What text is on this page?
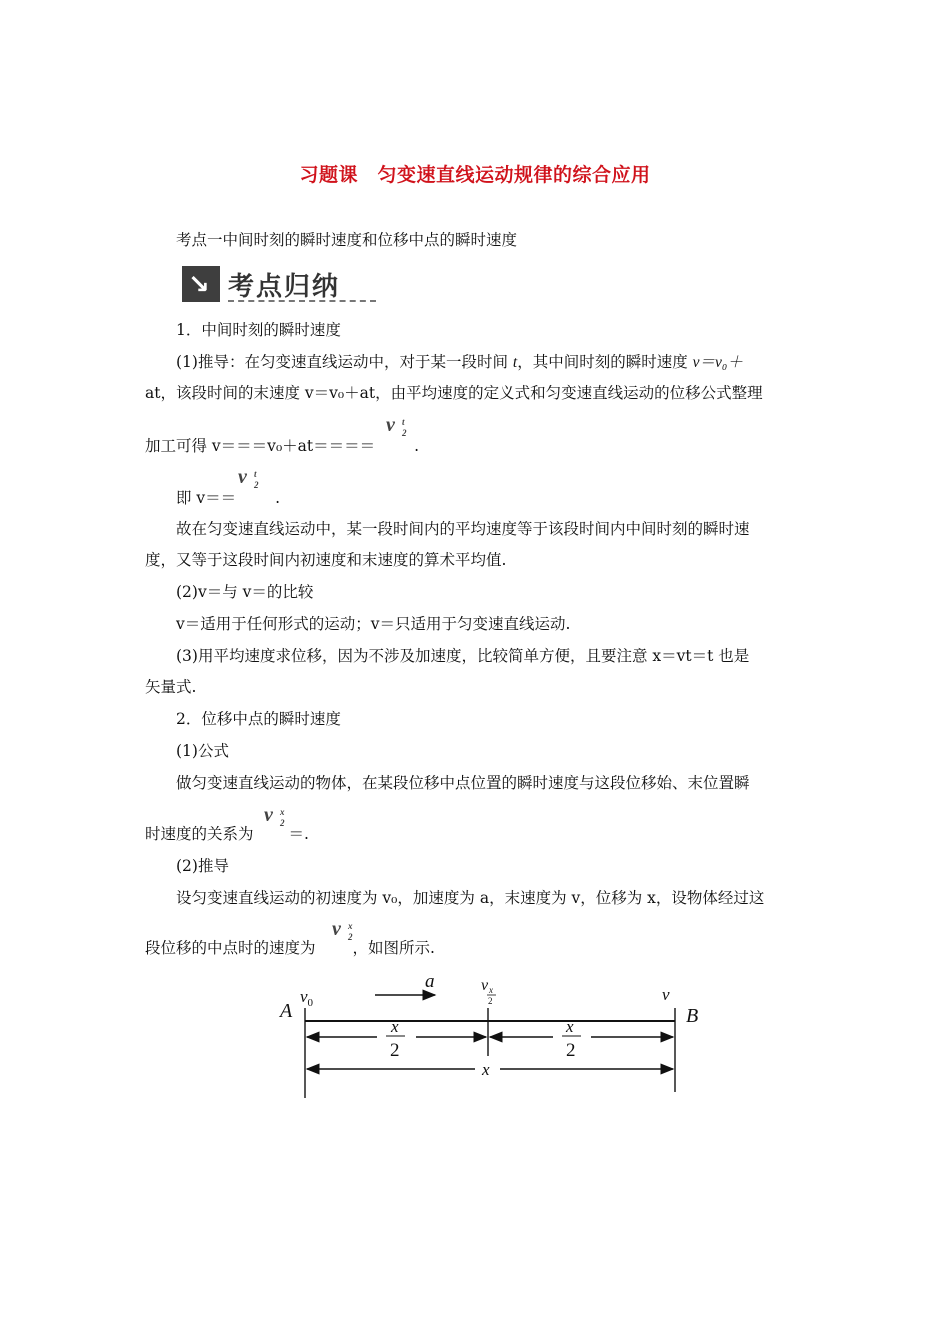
习题课　匀变速直线运动规律的综合应用
考点一中间时刻的瞬时速度和位移中点的瞬时速度
↘ 考点归纳
1．中间时刻的瞬时速度
(1)推导：在匀变速直线运动中，对于某一段时间 t，其中间时刻的瞬时速度 v＝v₀＋
at，该段时间的末速度 v＝v₀＋at，由平均速度的定义式和匀变速直线运动的位移公式整理
加工可得 v＝＝＝v₀＋at＝＝＝＝	.
v t
2
即 v＝＝	.
v t
2
故在匀变速直线运动中，某一段时间内的平均速度等于该段时间内中间时刻的瞬时速
度，又等于这段时间内初速度和末速度的算术平均值.
(2)v＝与 v＝的比较
v＝适用于任何形式的运动；v＝只适用于匀变速直线运动.
(3)用平均速度求位移，因为不涉及加速度，比较简单方便，且要注意 x＝vt＝t 也是
矢量式.
2．位移中点的瞬时速度
(1)公式
做匀变速直线运动的物体，在某段位移中点位置的瞬时速度与这段位移始、末位置瞬
时速度的关系为 ＝.
v x
2
(2)推导
设匀变速直线运动的初速度为 v₀，加速度为 a，末速度为 v，位移为 x，设物体经过这
段位移的中点时的速度为 ，如图所示.
v x
2
A
$v_0$
a	v x
2	v
B
x
2
x
2
x
